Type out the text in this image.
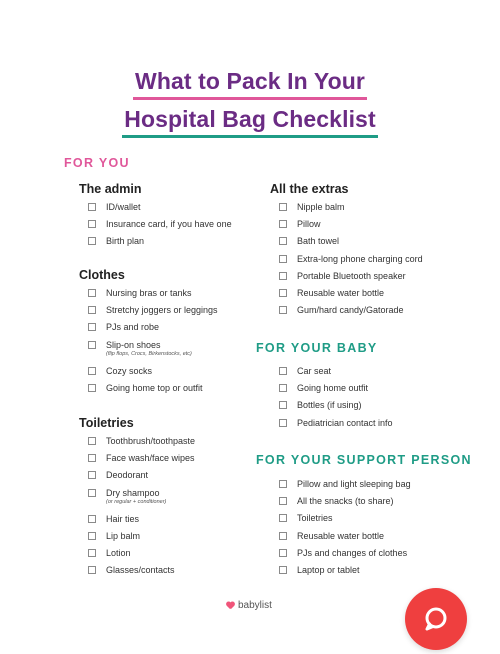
What to Pack In Your
Hospital Bag Checklist
FOR YOU
The admin
ID/wallet
Insurance card, if you have one
Birth plan
Clothes
Nursing bras or tanks
Stretchy joggers or leggings
PJs and robe
Slip-on shoes
(flip flops, Crocs, Birkenstocks, etc)
Cozy socks
Going home top or outfit
Toiletries
Toothbrush/toothpaste
Face wash/face wipes
Deodorant
Dry shampoo
(or regular + conditioner)
Hair ties
Lip balm
Lotion
Glasses/contacts
All the extras
Nipple balm
Pillow
Bath towel
Extra-long phone charging cord
Portable Bluetooth speaker
Reusable water bottle
Gum/hard candy/Gatorade
FOR YOUR BABY
Car seat
Going home outfit
Bottles (if using)
Pediatrician contact info
FOR YOUR SUPPORT PERSON
Pillow and light sleeping bag
All the snacks (to share)
Toiletries
Reusable water bottle
PJs and changes of clothes
Laptop or tablet
babylist
